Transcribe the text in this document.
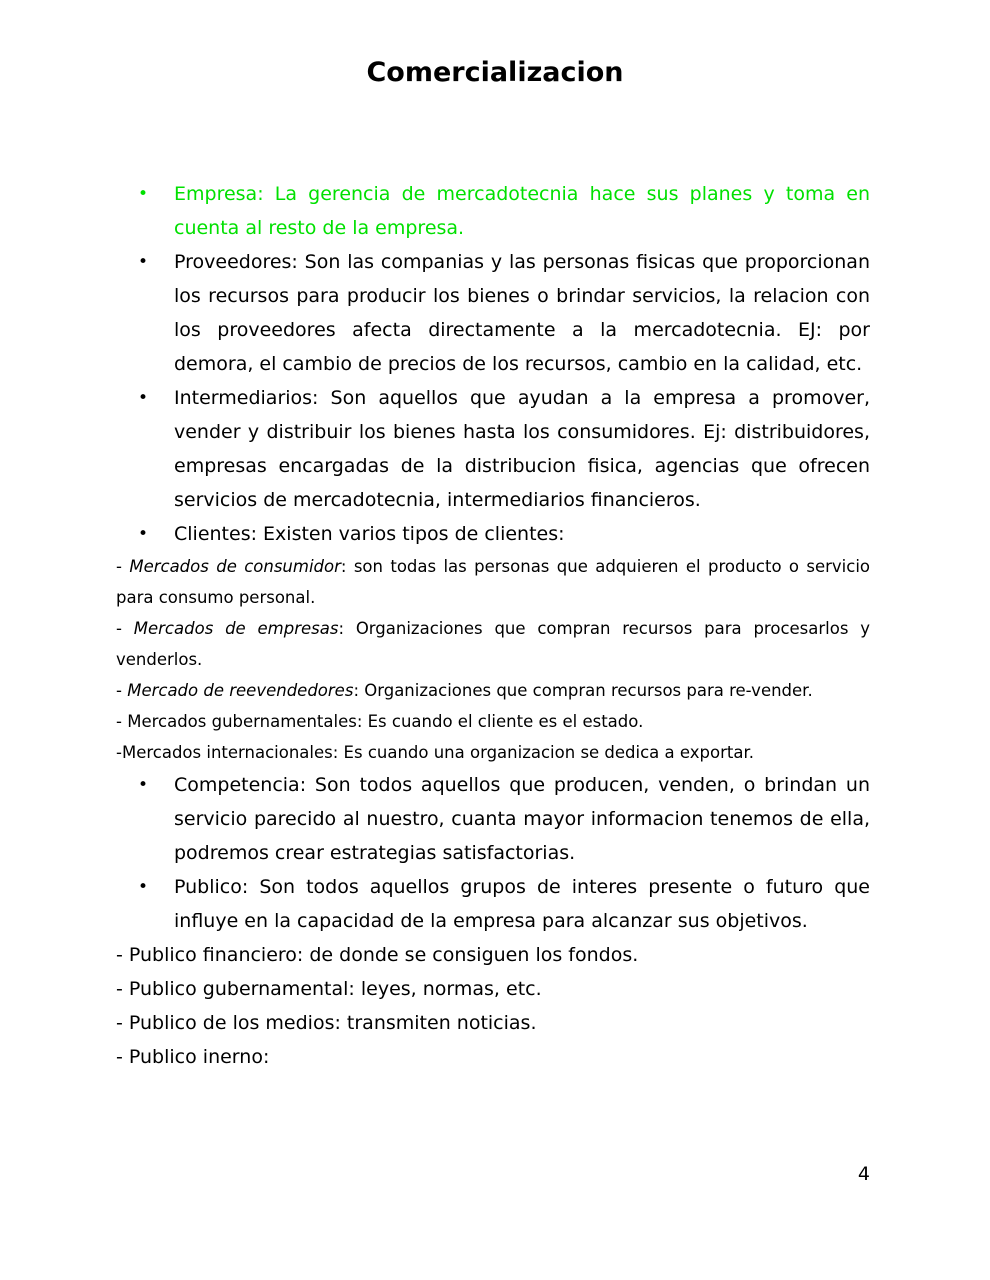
Comercializacion
• Empresa: La gerencia de mercadotecnia hace sus planes y toma en cuenta al resto de la empresa.
• Proveedores: Son las companias y las personas fisicas que proporcionan los recursos para producir los bienes o brindar servicios, la relacion con los proveedores afecta directamente a la mercadotecnia. EJ: por demora, el cambio de precios de los recursos, cambio en la calidad, etc.
• Intermediarios: Son aquellos que ayudan a la empresa a promover, vender y distribuir los bienes hasta los consumidores. Ej: distribuidores, empresas encargadas de la distribucion fisica, agencias que ofrecen servicios de mercadotecnia, intermediarios financieros.
• Clientes: Existen varios tipos de clientes:
- Mercados de consumidor: son todas las personas que adquieren el producto o servicio para consumo personal.
- Mercados de empresas: Organizaciones que compran recursos para procesarlos y venderlos.
- Mercado de reevendedores: Organizaciones que compran recursos para re-vender.
- Mercados gubernamentales: Es cuando el cliente es el estado.
-Mercados internacionales: Es cuando una organizacion se dedica a exportar.
• Competencia: Son todos aquellos que producen, venden, o brindan un servicio parecido al nuestro, cuanta mayor informacion tenemos de ella, podremos crear estrategias satisfactorias.
• Publico: Son todos aquellos grupos de interes presente o futuro que influye en la capacidad de la empresa para alcanzar sus objetivos.
- Publico financiero: de donde se consiguen los fondos.
- Publico gubernamental: leyes, normas, etc.
- Publico de los medios: transmiten noticias.
- Publico inerno:
4
